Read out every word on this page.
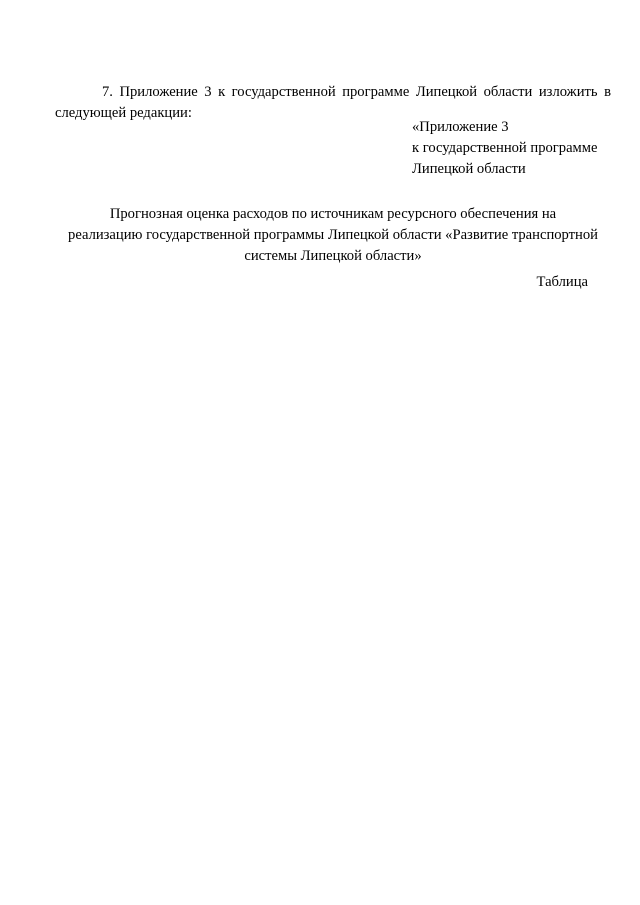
7. Приложение 3 к государственной программе Липецкой области изложить в следующей редакции:

«Приложение 3
к государственной программе
Липецкой области
Прогнозная оценка расходов по источникам ресурсного обеспечения на
реализацию государственной программы Липецкой области «Развитие транспортной
системы Липецкой области»
Таблица
